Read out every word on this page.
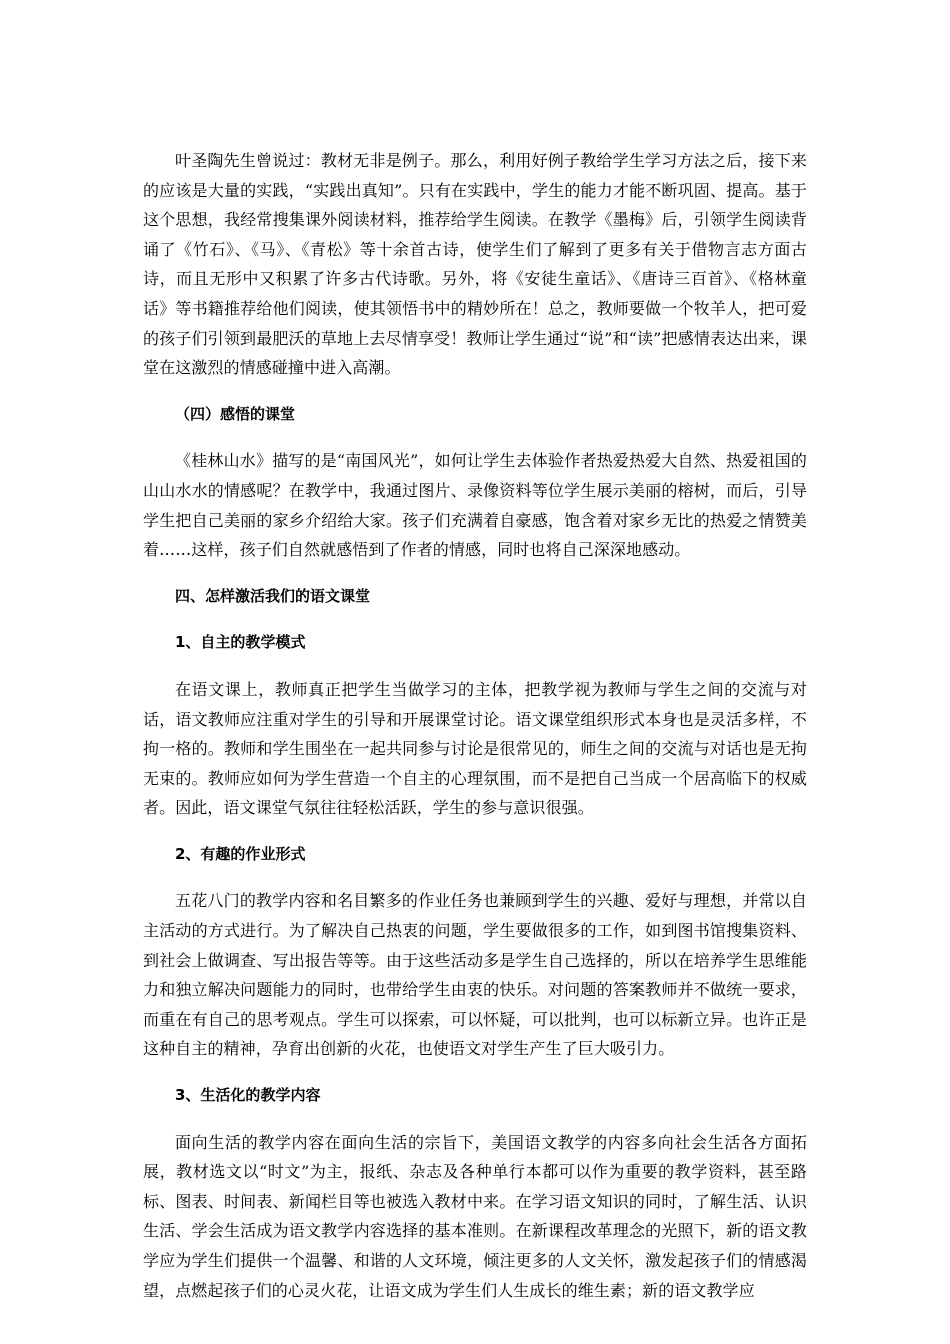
叶圣陶先生曾说过：教材无非是例子。那么，利用好例子教给学生学习方法之后，接下来的应该是大量的实践，“实践出真知”。只有在实践中，学生的能力才能不断巩固、提高。基于这个思想，我经常搜集课外阅读材料，推荐给学生阅读。在教学《墨梅》后，引领学生阅读背诵了《竹石》、《马》、《青松》等十余首古诗，使学生们了解到了更多有关于借物言志方面古诗，而且无形中又积累了许多古代诗歌。另外，将《安徒生童话》、《唐诗三百首》、《格林童话》等书籍推荐给他们阅读，使其领悟书中的精妙所在！总之，教师要做一个牧羊人，把可爱的孩子们引领到最肥沃的草地上去尽情享受！教师让学生通过“说”和“读”把感情表达出来，课堂在这激烈的情感碰撞中进入高潮。

（四）感悟的课堂

《桂林山水》描写的是“南国风光”，如何让学生去体验作者热爱热爱大自然、热爱祖国的山山水水的情感呢？在教学中，我通过图片、录像资料等位学生展示美丽的榕树，而后，引导学生把自己美丽的家乡介绍给大家。孩子们充满着自豪感，饱含着对家乡无比的热爱之情赞美着……这样，孩子们自然就感悟到了作者的情感，同时也将自己深深地感动。

四、怎样激活我们的语文课堂

1、自主的教学模式

在语文课上，教师真正把学生当做学习的主体，把教学视为教师与学生之间的交流与对话，语文教师应注重对学生的引导和开展课堂讨论。语文课堂组织形式本身也是灵活多样，不拘一格的。教师和学生围坐在一起共同参与讨论是很常见的，师生之间的交流与对话也是无拘无束的。教师应如何为学生营造一个自主的心理氛围，而不是把自己当成一个居高临下的权威者。因此，语文课堂气氛往往轻松活跃，学生的参与意识很强。

2、有趣的作业形式

五花八门的教学内容和名目繁多的作业任务也兼顾到学生的兴趣、爱好与理想，并常以自主活动的方式进行。为了解决自己热衷的问题，学生要做很多的工作，如到图书馆搜集资料、到社会上做调查、写出报告等等。由于这些活动多是学生自己选择的，所以在培养学生思维能力和独立解决问题能力的同时，也带给学生由衷的快乐。对问题的答案教师并不做统一要求，而重在有自己的思考观点。学生可以探索，可以怀疑，可以批判，也可以标新立异。也许正是这种自主的精神，孕育出创新的火花，也使语文对学生产生了巨大吸引力。

3、生活化的教学内容

面向生活的教学内容在面向生活的宗旨下，美国语文教学的内容多向社会生活各方面拓展，教材选文以“时文”为主，报纸、杂志及各种单行本都可以作为重要的教学资料，甚至路标、图表、时间表、新闻栏目等也被选入教材中来。在学习语文知识的同时，了解生活、认识生活、学会生活成为语文教学内容选择的基本准则。在新课程改革理念的光照下，新的语文教学应为学生们提供一个温馨、和谐的人文环境，倾注更多的人文关怀，激发起孩子们的情感渴望，点燃起孩子们的心灵火花，让语文成为学生们人生成长的维生素；新的语文教学应
